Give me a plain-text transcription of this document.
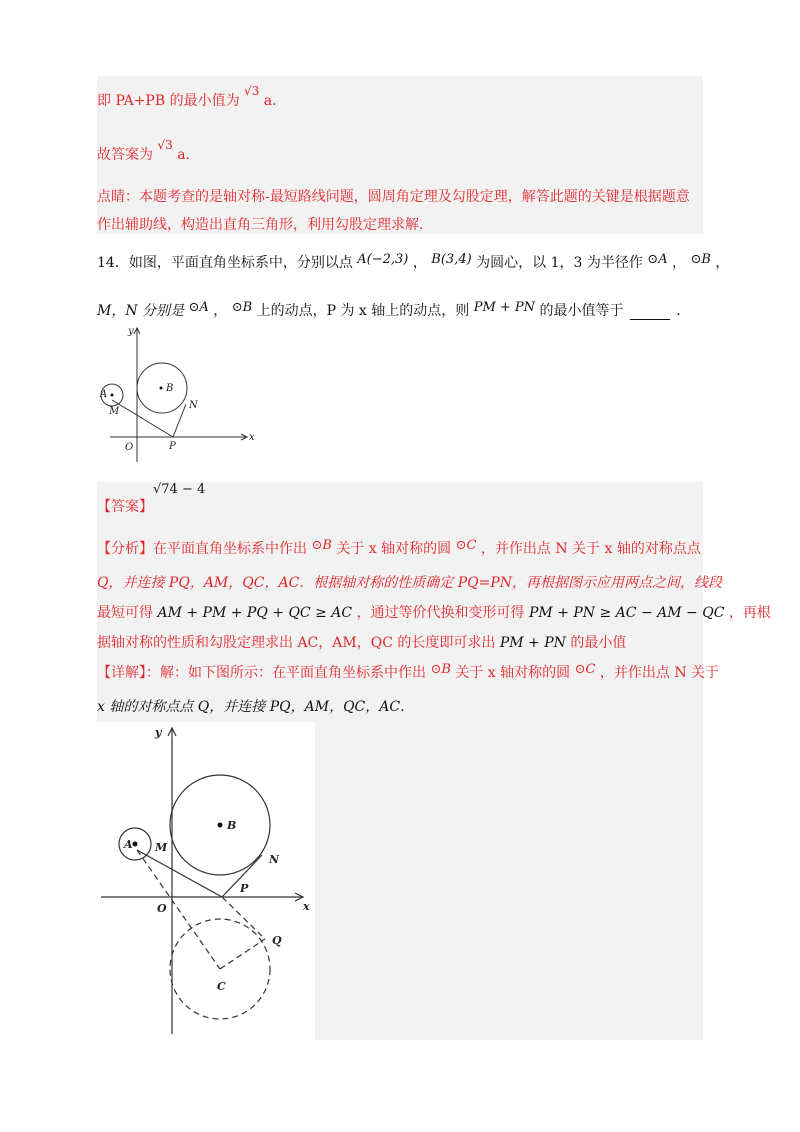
即 PA+PB 的最小值为 √3 a．
故答案为 √3 a．
点睛：本题考查的是轴对称-最短路线问题，圆周角定理及勾股定理，解答此题的关键是根据题意
作出辅助线，构造出直角三角形，利用勾股定理求解．
14．如图，平面直角坐标系中，分别以点 A(−2,3) ， B(3,4) 为圆心，以 1，3 为半径作 ⊙A ， ⊙B ，
M，N 分别是 ⊙A ， ⊙B 上的动点，P 为 x 轴上的动点，则 PM + PN 的最小值等于	．
y
x
O
A
B
M
N
P
【答案】
√74 − 4
【分析】在平面直角坐标系中作出 ⊙B 关于 x 轴对称的圆 ⊙C ，并作出点 N 关于 x 轴的对称点点
Q，并连接 PQ，AM，QC，AC．根据轴对称的性质确定 PQ=PN，再根据图示应用两点之间，线段
最短可得 AM + PM + PQ + QC ≥ AC ，通过等价代换和变形可得 PM + PN ≥ AC − AM − QC ，再根
据轴对称的性质和勾股定理求出 AC，AM，QC 的长度即可求出 PM + PN 的最小值
【详解】：解：如下图所示：在平面直角坐标系中作出 ⊙B 关于 x 轴对称的圆 ⊙C ，并作出点 N 关于
x 轴的对称点点 Q，并连接 PQ，AM，QC，AC．
y
x
O
A
B
M
N
P
Q
C
